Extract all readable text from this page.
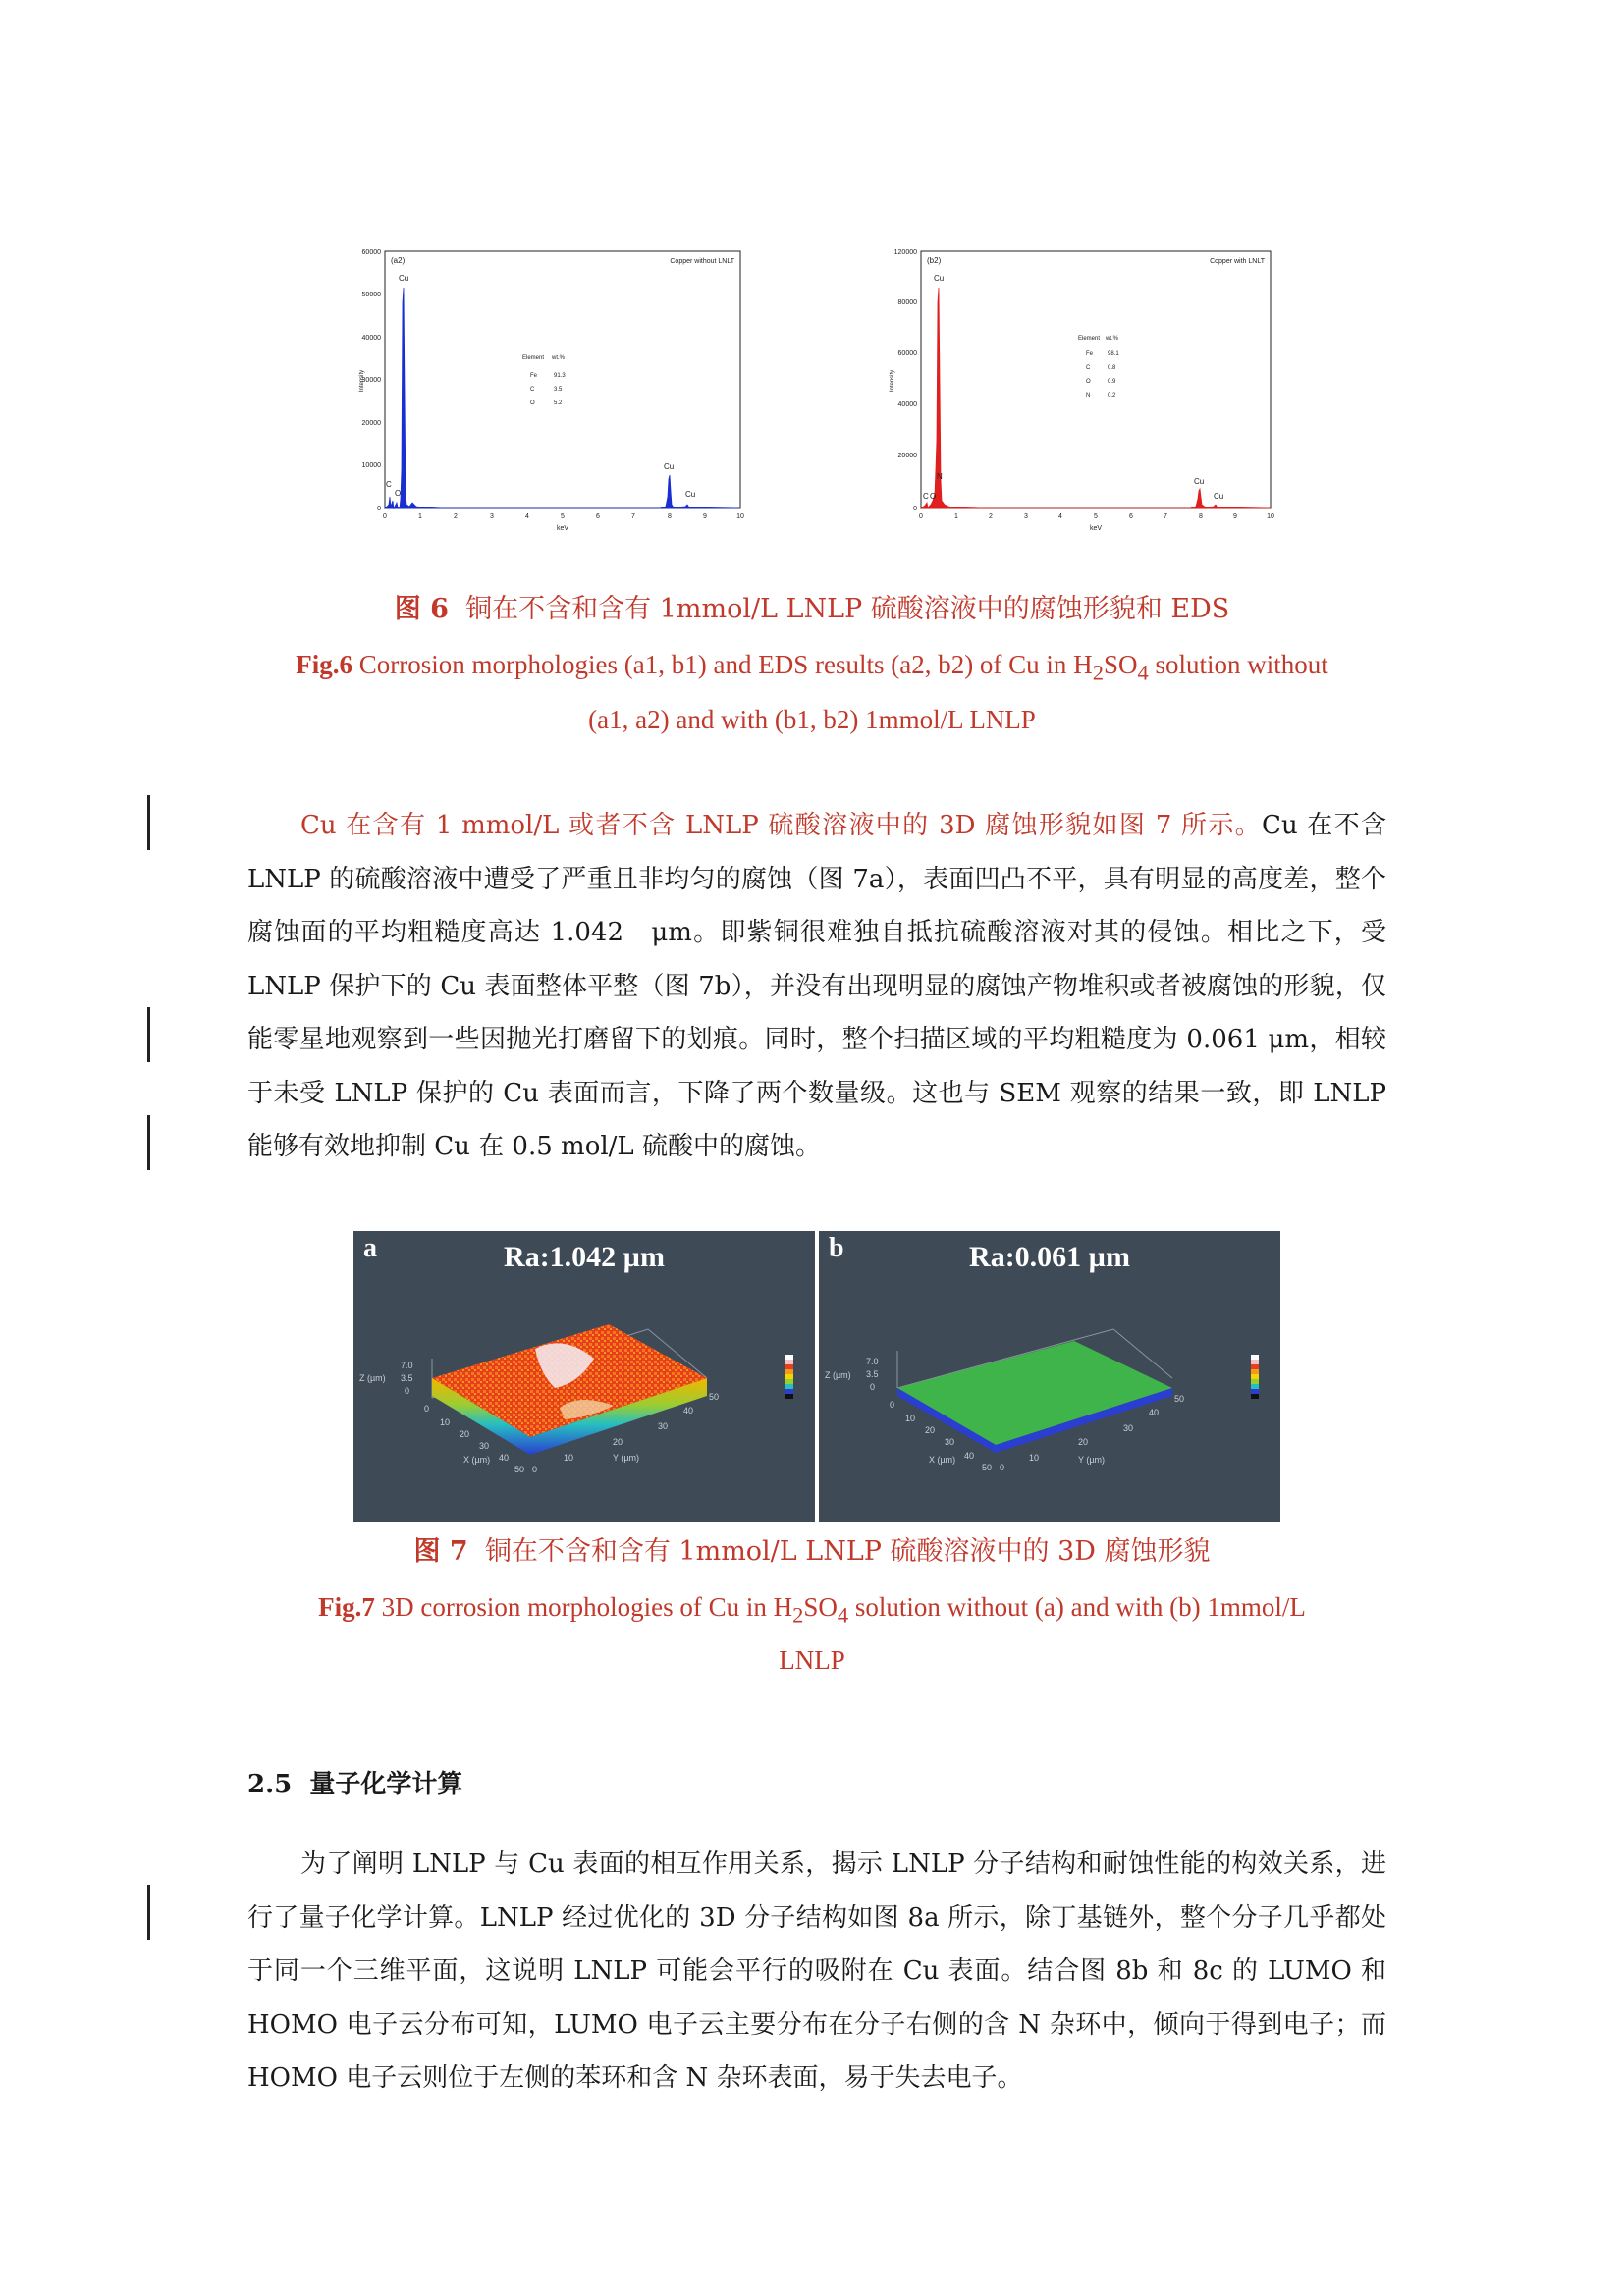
0
10000
20000
30000
40000
50000
60000
0	1	2	3	4	5	6	7	8	9	10
keV
Intensity
(a2)	Copper without LNLT
C
O
Cu
Cu
Cu
Element wt.%
Fe	91.3
C	3.5
O	5.2
0
20000
40000
60000
80000
120000
0	1	2	3	4	5	6	7	8	9	10
keV
Intensity
(b2)	Copper with LNLT
C O
N
Cu
Cu
Cu
Element wt.%
Fe 98.1
C	0.8
O	0.9
N	0.2
图 6 铜在不含和含有 1mmol/L LNLP 硫酸溶液中的腐蚀形貌和 EDS
Fig.6 Corrosion morphologies (a1, b1) and EDS results (a2, b2) of Cu in $H_2SO_4$ solution without
(a1, a2) and with (b1, b2) 1mmol/L LNLP
Cu 在含有 1 mmol/L 或者不含 LNLP 硫酸溶液中的 3D 腐蚀形貌如图 7 所示。Cu 在不含 LNLP 的硫酸溶液中遭受了严重且非均匀的腐蚀（图 7a），表面凹凸不平，具有明显的高度差，整个腐蚀面的平均粗糙度高达 1.042　μm。即紫铜很难独自抵抗硫酸溶液对其的侵蚀。相比之下，受 LNLP 保护下的 Cu 表面整体平整（图 7b），并没有出现明显的腐蚀产物堆积或者被腐蚀的形貌，仅能零星地观察到一些因抛光打磨留下的划痕。同时，整个扫描区域的平均粗糙度为 0.061 μm，相较于未受 LNLP 保护的 Cu 表面而言，下降了两个数量级。这也与 SEM 观察的结果一致，即 LNLP 能够有效地抑制 Cu 在 0.5 mol/L 硫酸中的腐蚀。
a	Ra:1.042 µm
Z (µm)
7.0
3.5
0
0
10
20
30
40
50
X (µm)
0
10
20
30
40
50
Y (µm)
b	Ra:0.061 µm
Z (µm)
7.0
3.5
0
0
10
20
30
40
50
X (µm)
0
10
20
30
40
50
Y (µm)
图 7 铜在不含和含有 1mmol/L LNLP 硫酸溶液中的 3D 腐蚀形貌
Fig.7 3D corrosion morphologies of Cu in $H_2SO_4$ solution without (a) and with (b) 1mmol/L
LNLP
2.5 量子化学计算
为了阐明 LNLP 与 Cu 表面的相互作用关系，揭示 LNLP 分子结构和耐蚀性能的构效关系，进行了量子化学计算。LNLP 经过优化的 3D 分子结构如图 8a 所示，除丁基链外，整个分子几乎都处于同一个三维平面，这说明 LNLP 可能会平行的吸附在 Cu 表面。结合图 8b 和 8c 的 LUMO 和 HOMO 电子云分布可知，LUMO 电子云主要分布在分子右侧的含 N 杂环中，倾向于得到电子；而 HOMO 电子云则位于左侧的苯环和含 N 杂环表面，易于失去电子。
